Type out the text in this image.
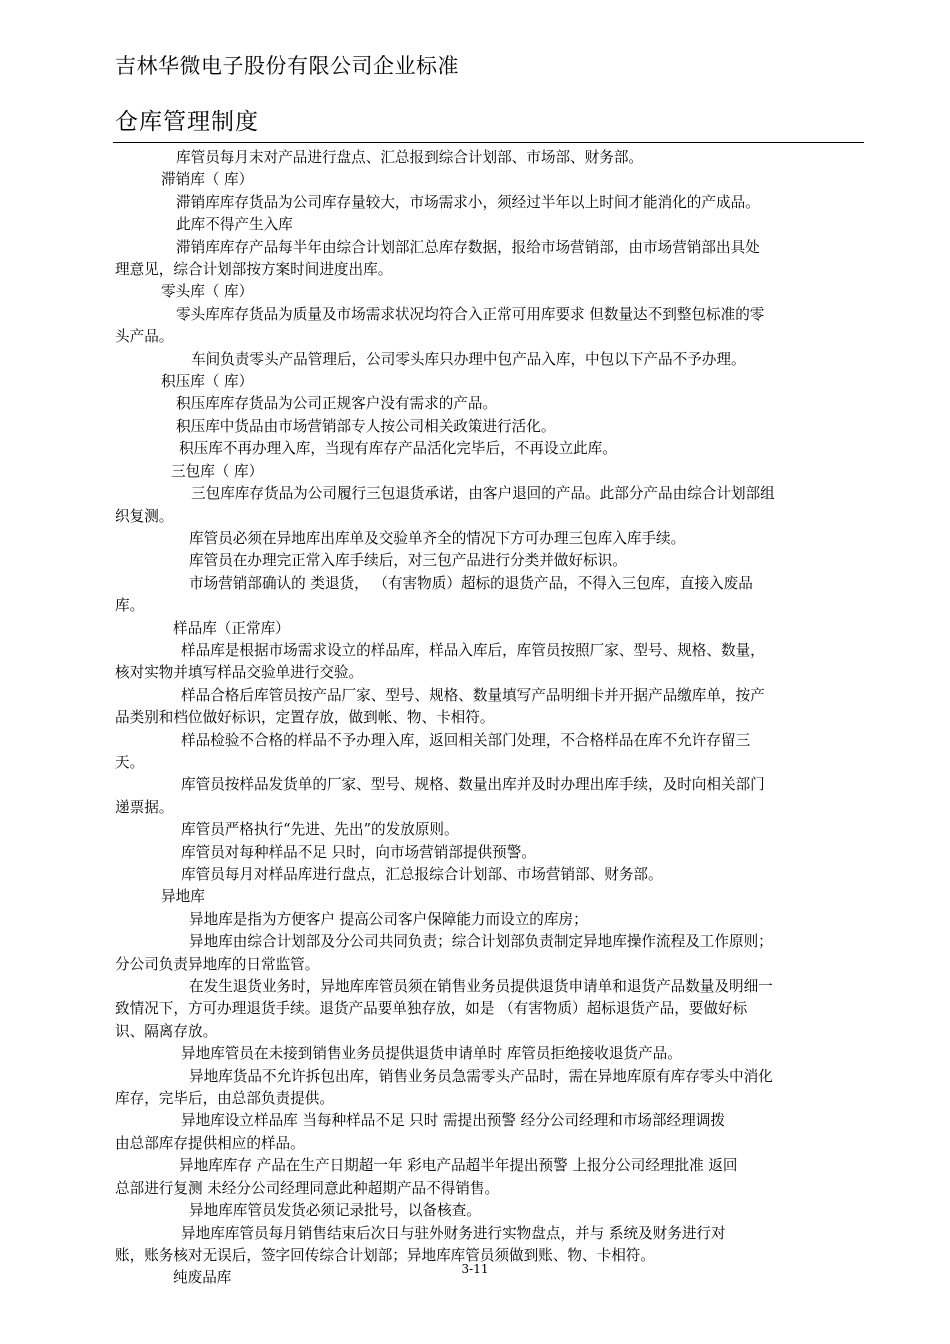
吉林华微电子股份有限公司企业标准
仓库管理制度
库管员每月末对产品进行盘点、汇总报到综合计划部、市场部、财务部。
滞销库（ 库）
滞销库库存货品为公司库存量较大，市场需求小，须经过半年以上时间才能消化的产成品。
此库不得产生入库
滞销库库存产品每半年由综合计划部汇总库存数据，报给市场营销部，由市场营销部出具处
理意见，综合计划部按方案时间进度出库。
零头库（ 库）
零头库库存货品为质量及市场需求状况均符合入正常可用库要求 但数量达不到整包标准的零
头产品。
车间负责零头产品管理后，公司零头库只办理中包产品入库，中包以下产品不予办理。
积压库（ 库）
积压库库存货品为公司正规客户没有需求的产品。
积压库中货品由市场营销部专人按公司相关政策进行活化。
积压库不再办理入库，当现有库存产品活化完毕后，不再设立此库。
三包库（ 库）
三包库库存货品为公司履行三包退货承诺，由客户退回的产品。此部分产品由综合计划部组
织复测。
库管员必须在异地库出库单及交验单齐全的情况下方可办理三包库入库手续。
库管员在办理完正常入库手续后，对三包产品进行分类并做好标识。
市场营销部确认的 类退货， （有害物质）超标的退货产品，不得入三包库，直接入废品
库。
样品库（正常库）
样品库是根据市场需求设立的样品库，样品入库后，库管员按照厂家、型号、规格、数量，
核对实物并填写样品交验单进行交验。
样品合格后库管员按产品厂家、型号、规格、数量填写产品明细卡并开据产品缴库单，按产
品类别和档位做好标识，定置存放，做到帐、物、卡相符。
样品检验不合格的样品不予办理入库，返回相关部门处理，不合格样品在库不允许存留三
天。
库管员按样品发货单的厂家、型号、规格、数量出库并及时办理出库手续，及时向相关部门
递票据。
库管员严格执行“先进、先出”的发放原则。
库管员对每种样品不足 只时，向市场营销部提供预警。
库管员每月对样品库进行盘点，汇总报综合计划部、市场营销部、财务部。
异地库
异地库是指为方便客户 提高公司客户保障能力而设立的库房；
异地库由综合计划部及分公司共同负责；综合计划部负责制定异地库操作流程及工作原则；
分公司负责异地库的日常监管。
在发生退货业务时，异地库库管员须在销售业务员提供退货申请单和退货产品数量及明细一
致情况下，方可办理退货手续。退货产品要单独存放，如是 （有害物质）超标退货产品，要做好标
识、隔离存放。
异地库管员在未接到销售业务员提供退货申请单时 库管员拒绝接收退货产品。
异地库货品不允许拆包出库，销售业务员急需零头产品时，需在异地库原有库存零头中消化
库存，完毕后，由总部负责提供。
异地库设立样品库 当每种样品不足 只时 需提出预警 经分公司经理和市场部经理调拨
由总部库存提供相应的样品。
异地库库存 产品在生产日期超一年 彩电产品超半年提出预警 上报分公司经理批准 返回
总部进行复测 未经分公司经理同意此种超期产品不得销售。
异地库库管员发货必须记录批号，以备核查。
异地库库管员每月销售结束后次日与驻外财务进行实物盘点，并与 系统及财务进行对
账，账务核对无误后，签字回传综合计划部；异地库库管员须做到账、物、卡相符。
纯废品库
3-11
